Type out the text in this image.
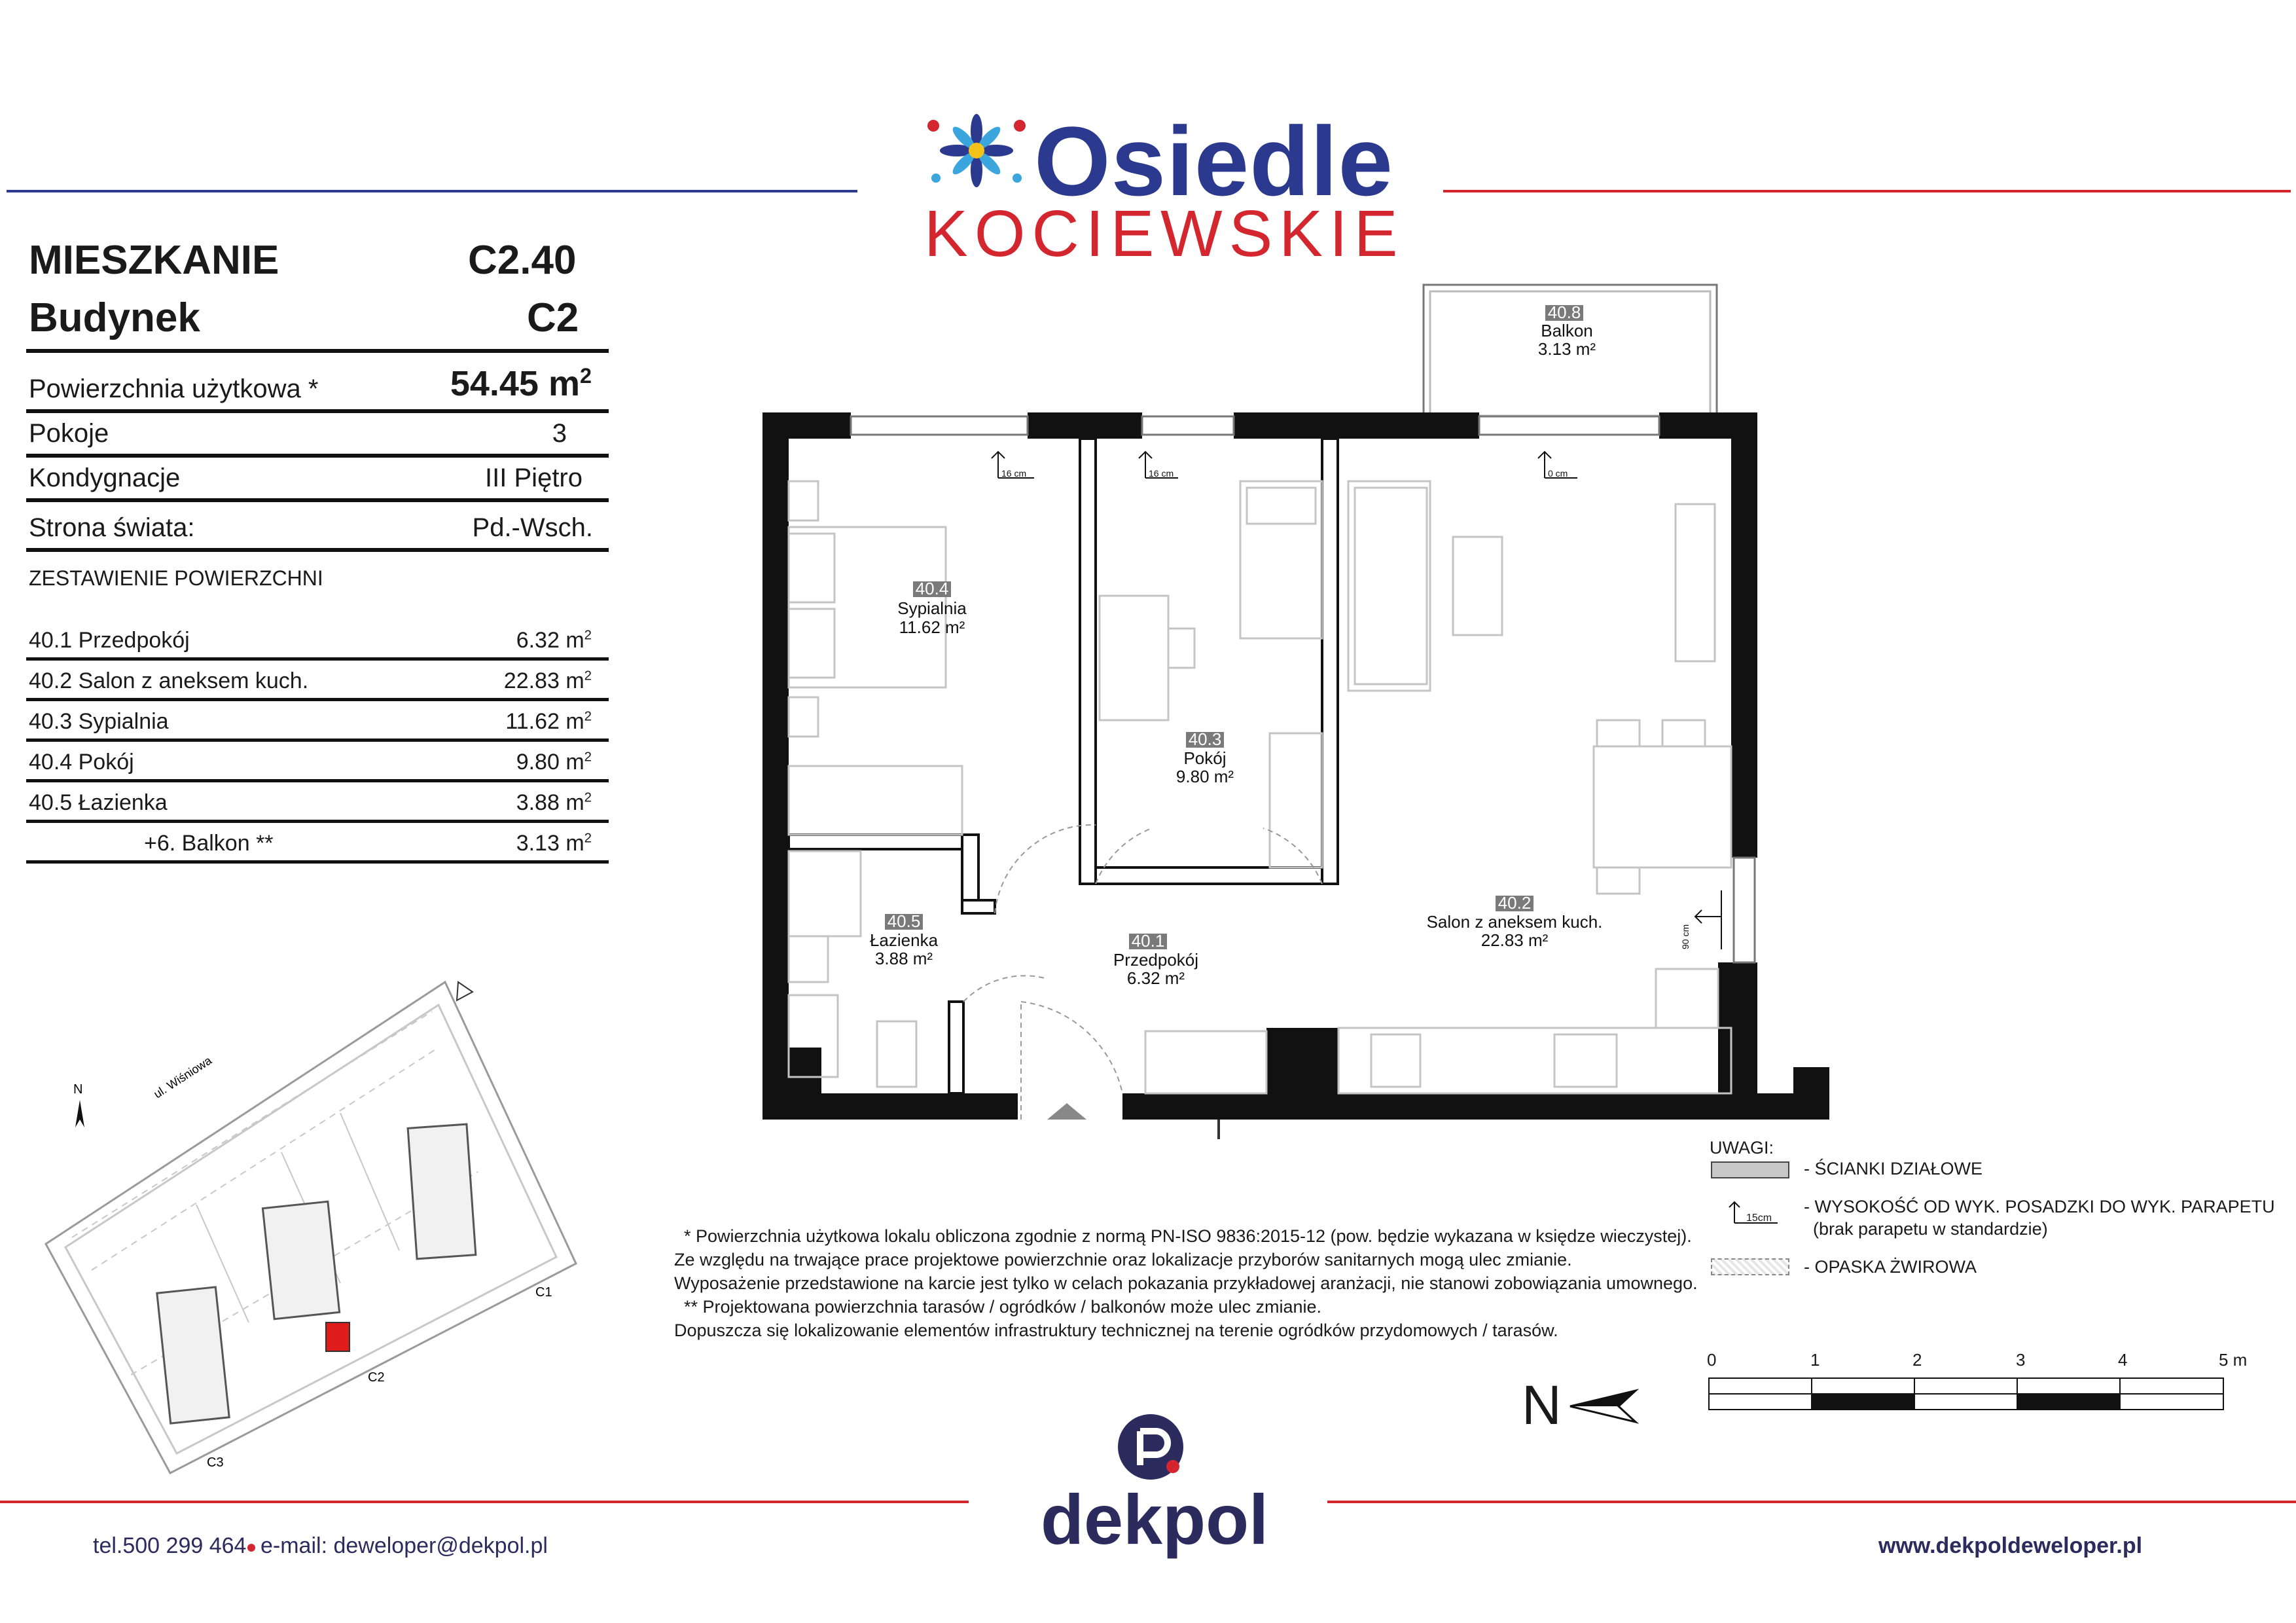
Osiedle
KOCIEWSKIE
MIESZKANIE	C2.40
Budynek	C2
Powierzchnia użytkowa *	54.45 $m^2$
Pokoje	3
Kondygnacje	III Piętro
Strona świata:	Pd.-Wsch.
ZESTAWIENIE POWIERZCHNI
40.1 Przedpokój	6.32 $m^2$
40.2 Salon z aneksem kuch.	22.83 $m^2$
40.3 Sypialnia	11.62 $m^2$
40.4 Pokój	9.80 $m^2$
40.5 Łazienka	3.88 $m^2$
+6. Balkon **	3.13 $m^2$
N	ul. Wiśniowa
C1
C2
C3
16 cm	16 cm	0 cm
90 cm
40.4
Sypialnia
11.62 m²
40.3
Pokój
9.80 m²
40.2
Salon z aneksem kuch.
22.83 m²
40.5
Łazienka
3.88 m²
40.1
Przedpokój
6.32 m²
40.8
Balkon
3.13 m²
* Powierzchnia użytkowa lokalu obliczona zgodnie z normą PN-ISO 9836:2015-12 (pow. będzie wykazana w księdze wieczystej).
Ze względu na trwające prace projektowe powierzchnie oraz lokalizacje przyborów sanitarnych mogą ulec zmianie.
Wyposażenie przedstawione na karcie jest tylko w celach pokazania przykładowej aranżacji, nie stanowi zobowiązania umownego.
** Projektowana powierzchnia tarasów / ogródków / balkonów może ulec zmianie.
Dopuszcza się lokalizowanie elementów infrastruktury technicznej na terenie ogródków przydomowych / tarasów.
UWAGI:
- ŚCIANKI DZIAŁOWE
15cm
- WYSOKOŚĆ OD WYK. POSADZKI DO WYK. PARAPETU
(brak parapetu w standardzie)
- OPASKA ŻWIROWA
0	1	2	3	4	5 m
N
dekpol
tel.500 299 464 e-mail: deweloper@dekpol.pl	www.dekpoldeweloper.pl
